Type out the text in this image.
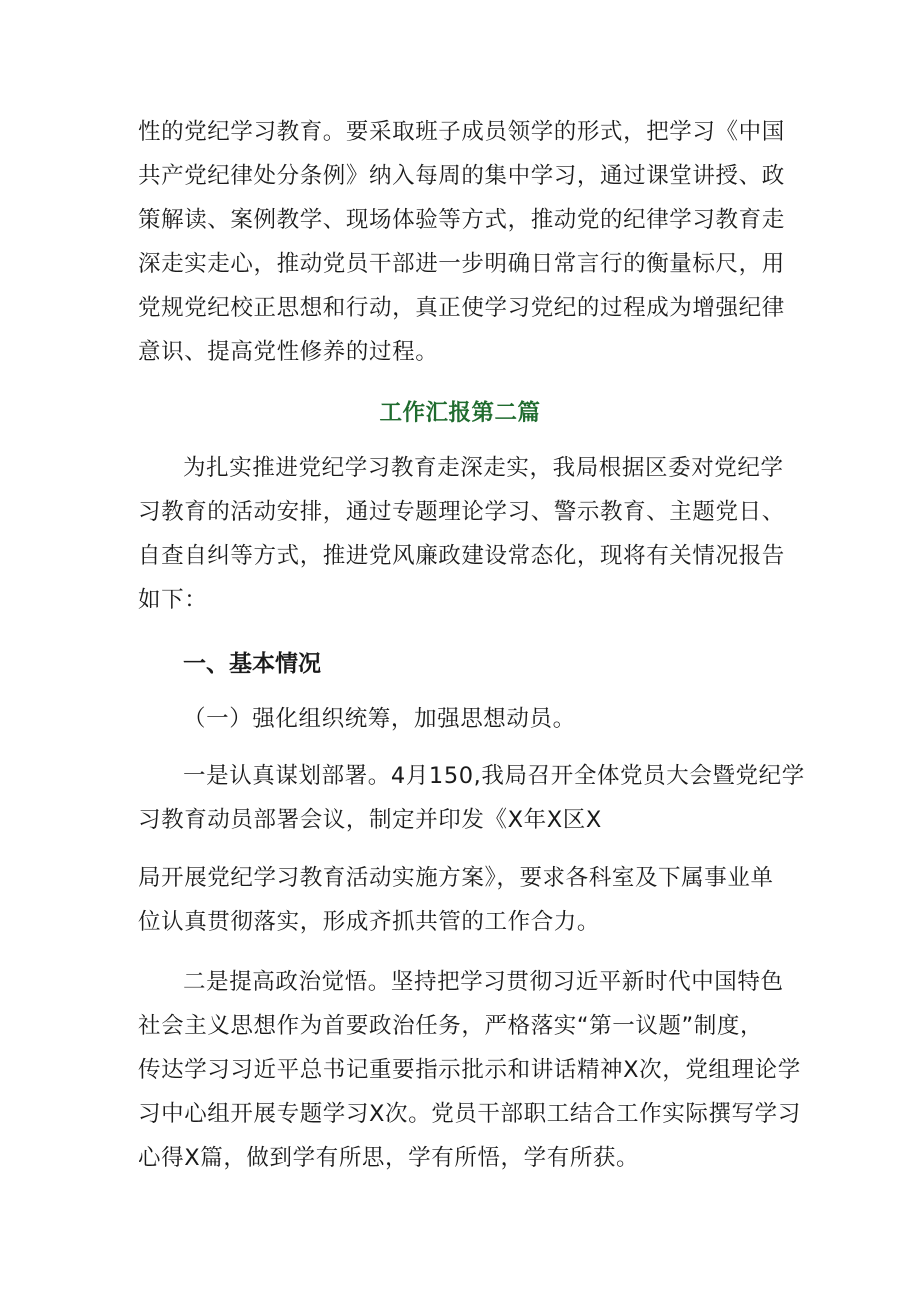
性的党纪学习教育。要采取班子成员领学的形式，把学习《中国

共产党纪律处分条例》纳入每周的集中学习，通过课堂讲授、政

策解读、案例教学、现场体验等方式，推动党的纪律学习教育走

深走实走心，推动党员干部进一步明确日常言行的衡量标尺，用

党规党纪校正思想和行动，真正使学习党纪的过程成为增强纪律

意识、提高党性修养的过程。

工作汇报第二篇

为扎实推进党纪学习教育走深走实，我局根据区委对党纪学

习教育的活动安排，通过专题理论学习、警示教育、主题党日、

自查自纠等方式，推进党风廉政建设常态化，现将有关情况报告

如下：

一、基本情况

（一）强化组织统筹，加强思想动员。

一是认真谋划部署。4月150,我局召开全体党员大会暨党纪学

习教育动员部署会议，制定并印发《X年X区X

局开展党纪学习教育活动实施方案》，要求各科室及下属事业单

位认真贯彻落实，形成齐抓共管的工作合力。

二是提高政治觉悟。坚持把学习贯彻习近平新时代中国特色

社会主义思想作为首要政治任务，严格落实“第一议题”制度，

传达学习习近平总书记重要指示批示和讲话精神X次，党组理论学

习中心组开展专题学习X次。党员干部职工结合工作实际撰写学习

心得X篇，做到学有所思，学有所悟，学有所获。
